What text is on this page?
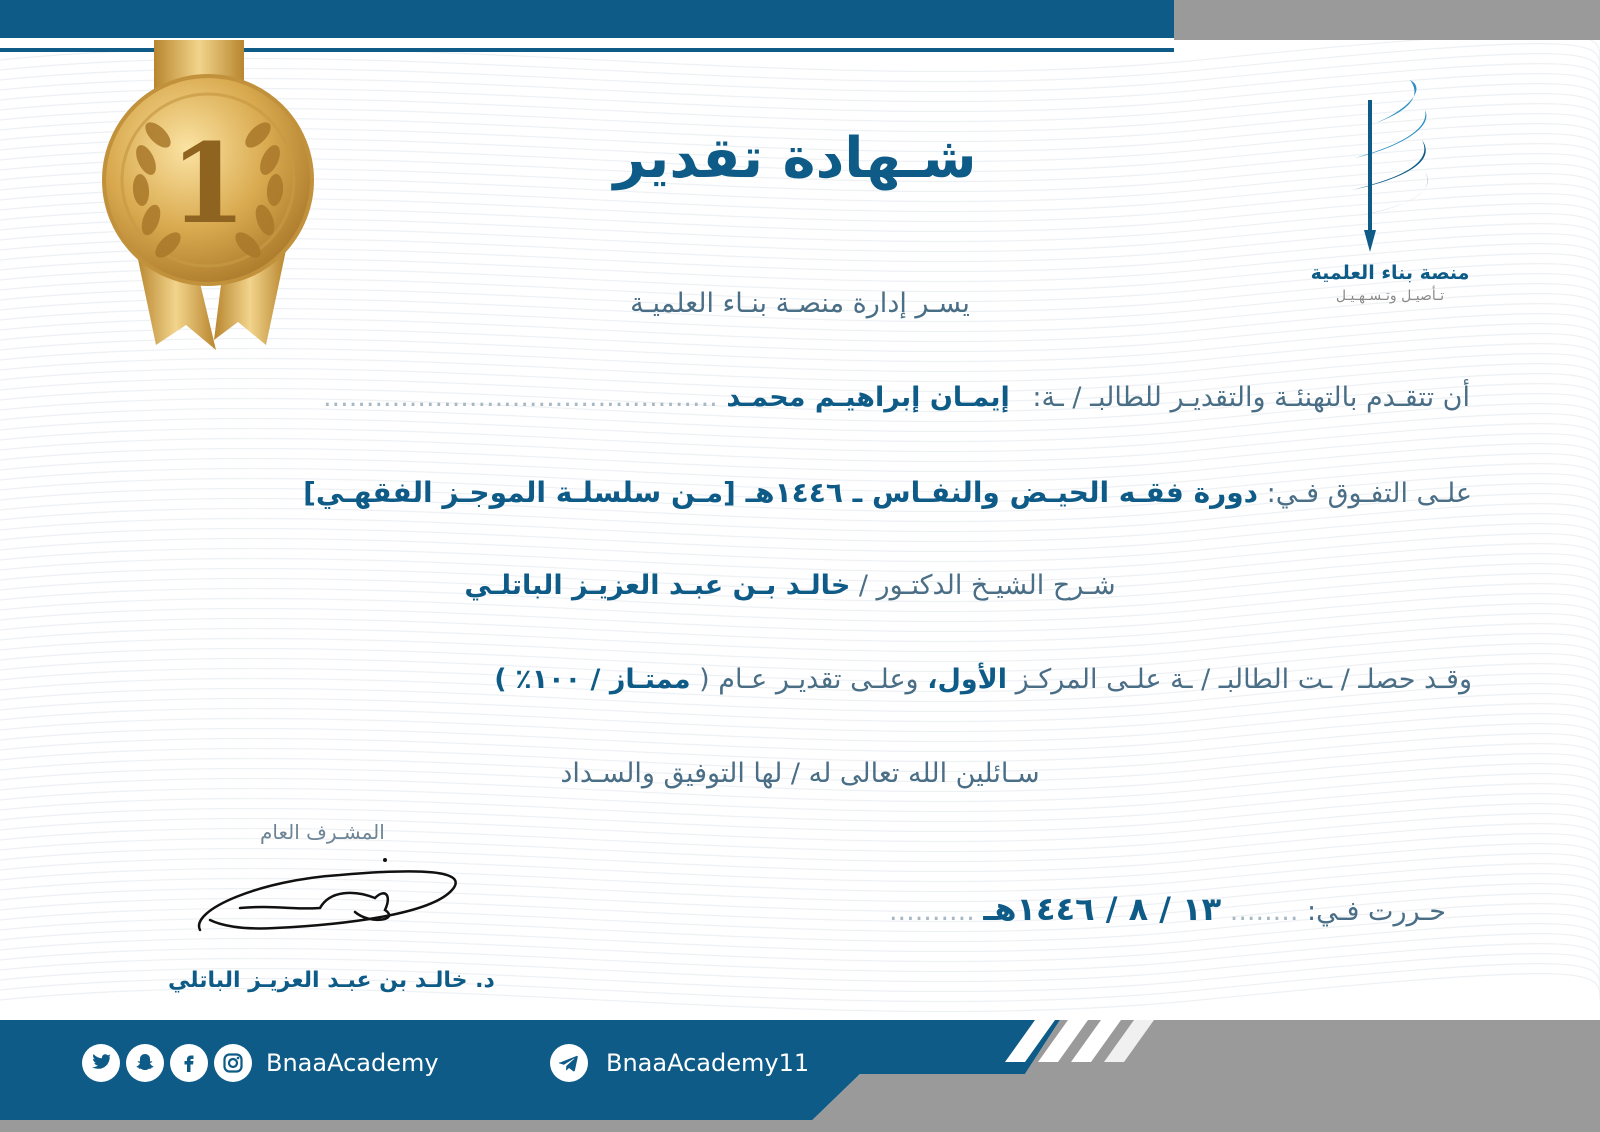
1
منصة بناء العلمية
تـأصيـل وتـسـهـيـل
شـهادة تقدير
يسـر إدارة منصـة بنـاء العلميـة
أن تتقـدم بالتهنئـة والتقديـر للطالبـ / ـة: إيمـان إبراهيـم محمـد ..............................................
علـى التفـوق فـي: دورة فقـه الحيـض والنفـاس ـ ١٤٤٦هـ [مـن سلسلـة الموجـز الفقهـي]
شـرح الشيـخ الدكتـور / خالـد بـن عبـد العزيـز الباتلـي
وقـد حصلـ / ـت الطالبـ / ـة علـى المركـز الأول، وعلـى تقديـر عـام ( ممتـاز / ١٠٠٪ )
سـائلين الله تعالى له / لها التوفيق والسـداد
المشـرف العام
د. خالـد بن عبـد العزيـز الباتلي
حـررت فـي: ........ ١٣ / ٨ / ١٤٤٦هـ ..........
BnaaAcademy	BnaaAcademy11
